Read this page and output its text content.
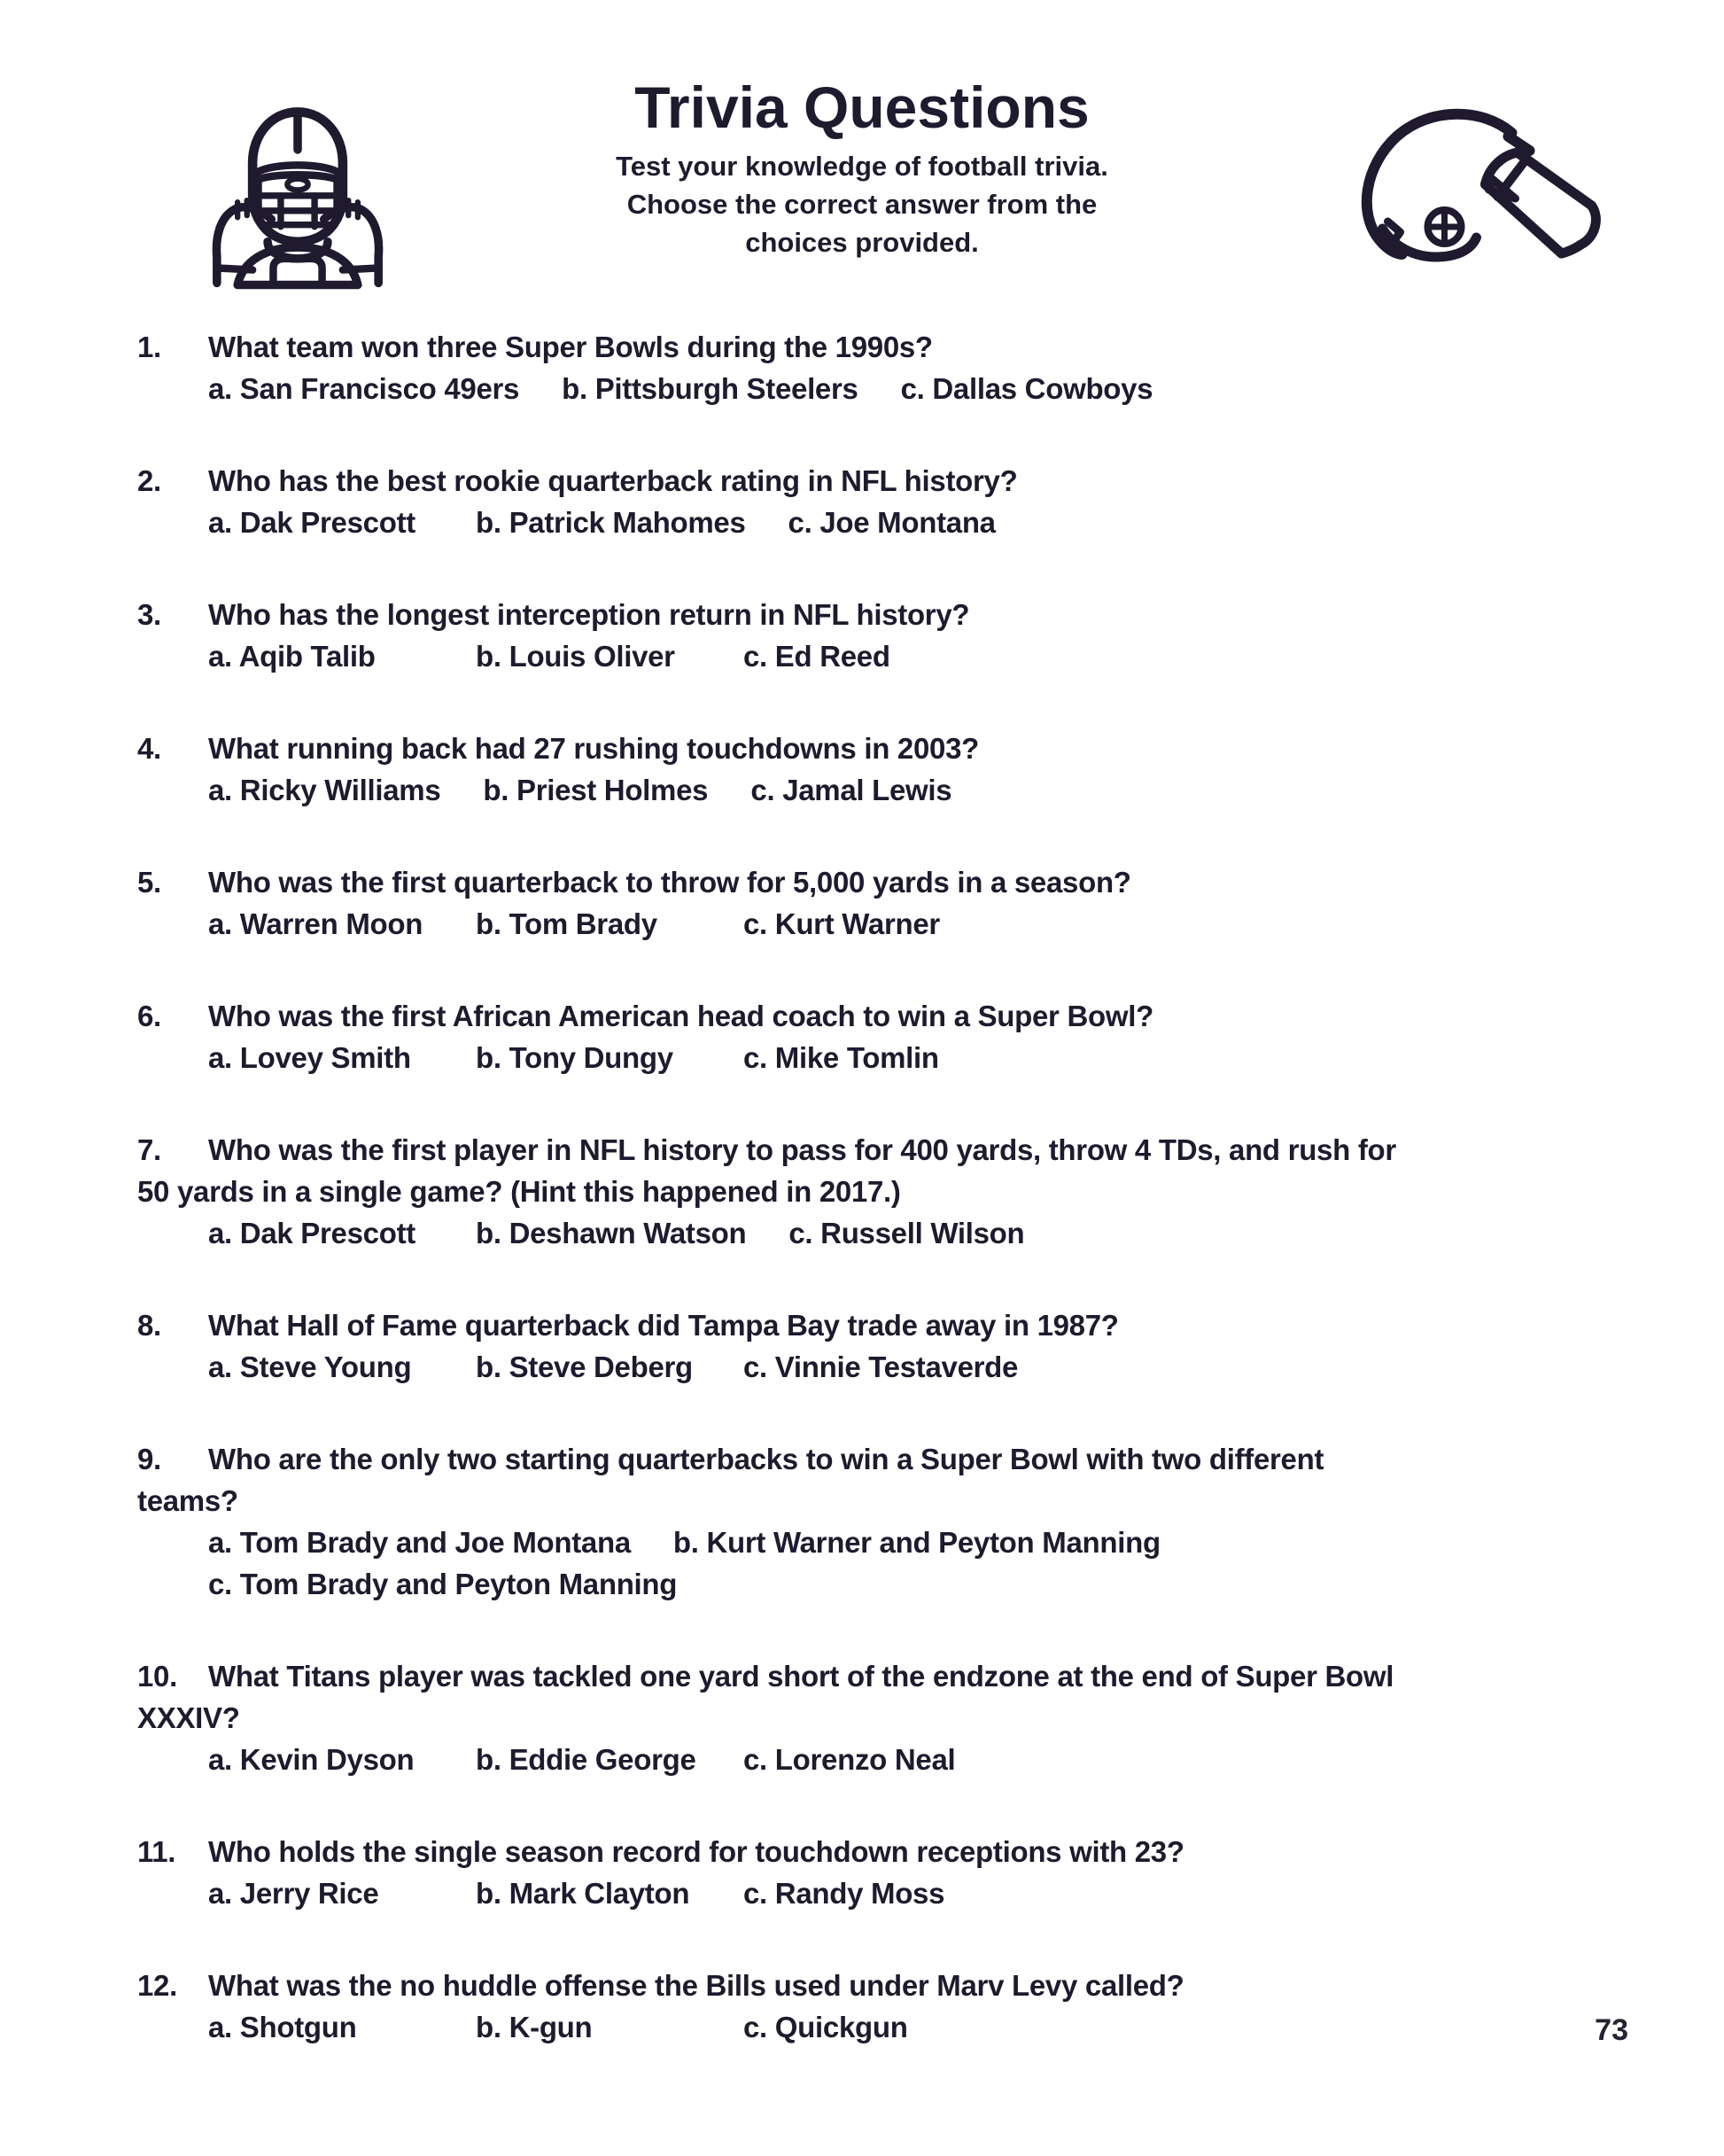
Trivia Questions
Test your knowledge of football trivia.
Choose the correct answer from the
choices provided.

1. What team won three Super Bowls during the 1990s?

a. San Francisco 49ers b. Pittsburgh Steelers c. Dallas Cowboys

2. Who has the best rookie quarterback rating in NFL history?

a. Dak Prescott b. Patrick Mahomes c. Joe Montana

3. Who has the longest interception return in NFL history?

a. Aqib Talib	b. Louis Oliver c. Ed Reed

4. What running back had 27 rushing touchdowns in 2003?

a. Ricky Williams b. Priest Holmes c. Jamal Lewis

5. Who was the first quarterback to throw for 5,000 yards in a season?

a. Warren Moon b. Tom Brady	c. Kurt Warner

6. Who was the first African American head coach to win a Super Bowl?

a. Lovey Smith b. Tony Dungy c. Mike Tomlin

7. Who was the first player in NFL history to pass for 400 yards, throw 4 TDs, and rush for

50 yards in a single game? (Hint this happened in 2017.)
a. Dak Prescott b. Deshawn Watson c. Russell Wilson

8. What Hall of Fame quarterback did Tampa Bay trade away in 1987?

a. Steve Young b. Steve Deberg c. Vinnie Testaverde

9. Who are the only two starting quarterbacks to win a Super Bowl with two different

teams?
a. Tom Brady and Joe Montana b. Kurt Warner and Peyton Manning
c. Tom Brady and Peyton Manning

10. What Titans player was tackled one yard short of the endzone at the end of Super Bowl

XXXIV?
a. Kevin Dyson b. Eddie George c. Lorenzo Neal

11. Who holds the single season record for touchdown receptions with 23?

a. Jerry Rice	b. Mark Clayton c. Randy Moss

12. What was the no huddle offense the Bills used under Marv Levy called?

a. Shotgun	b. K-gun	c. Quickgun	73
